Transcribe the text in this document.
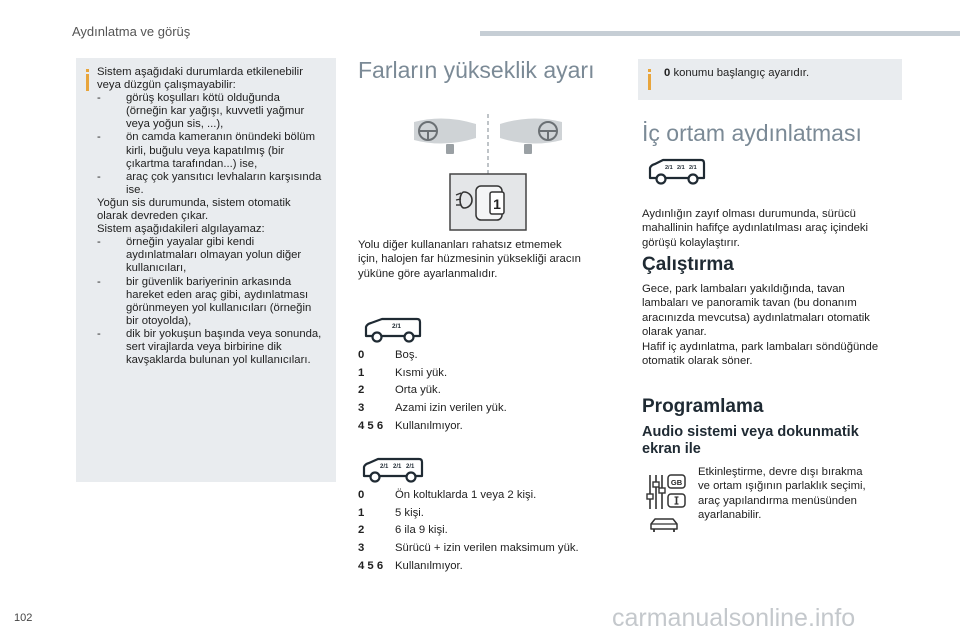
Aydınlatma ve görüş
Sistem aşağıdaki durumlarda etkilenebilir
veya düzgün çalışmayabilir:
- görüş koşulları kötü olduğunda
(örneğin kar yağışı, kuvvetli yağmur
veya yoğun sis, ...),
- ön camda kameranın önündeki bölüm
kirli, buğulu veya kapatılmış (bir
çıkartma tarafından...) ise,
- araç çok yansıtıcı levhaların karşısında
ise.
Yoğun sis durumunda, sistem otomatik
olarak devreden çıkar.
Sistem aşağıdakileri algılayamaz:
- örneğin yayalar gibi kendi
aydınlatmaları olmayan yolun diğer
kullanıcıları,
- bir güvenlik bariyerinin arkasında
hareket eden araç gibi, aydınlatması
görünmeyen yol kullanıcıları (örneğin
bir otoyolda),
- dik bir yokuşun başında veya sonunda,
sert virajlarda veya birbirine dik
kavşaklarda bulunan yol kullanıcıları.
Farların yükseklik ayarı
1
Yolu diğer kullananları rahatsız etmemek
için, halojen far hüzmesinin yüksekliği aracın
yüküne göre ayarlanmalıdır.
2/1
0	Boş.
1	Kısmi yük.
2	Orta yük.
3	Azami izin verilen yük.
4 5 6	Kullanılmıyor.
2/1 2/1 2/1
0	Ön koltuklarda 1 veya 2 kişi.
1	5 kişi.
2	6 ila 9 kişi.
3	Sürücü + izin verilen maksimum yük.
4 5 6	Kullanılmıyor.
0 konumu başlangıç ayarıdır.
İç ortam aydınlatması
2/1 2/1 2/1
Aydınlığın zayıf olması durumunda, sürücü
mahallinin hafifçe aydınlatılması araç içindeki
görüşü kolaylaştırır.
Çalıştırma
Gece, park lambaları yakıldığında, tavan
lambaları ve panoramik tavan (bu donanım
aracınızda mevcutsa) aydınlatmaları otomatik
olarak yanar.
Hafif iç aydınlatma, park lambaları söndüğünde
otomatik olarak söner.
Programlama
Audio sistemi veya dokunmatik
ekran ile
GB
Etkinleştirme, devre dışı bırakma
ve ortam ışığının parlaklık seçimi,
araç yapılandırma menüsünden
ayarlanabilir.
102	carmanualsonline.info
